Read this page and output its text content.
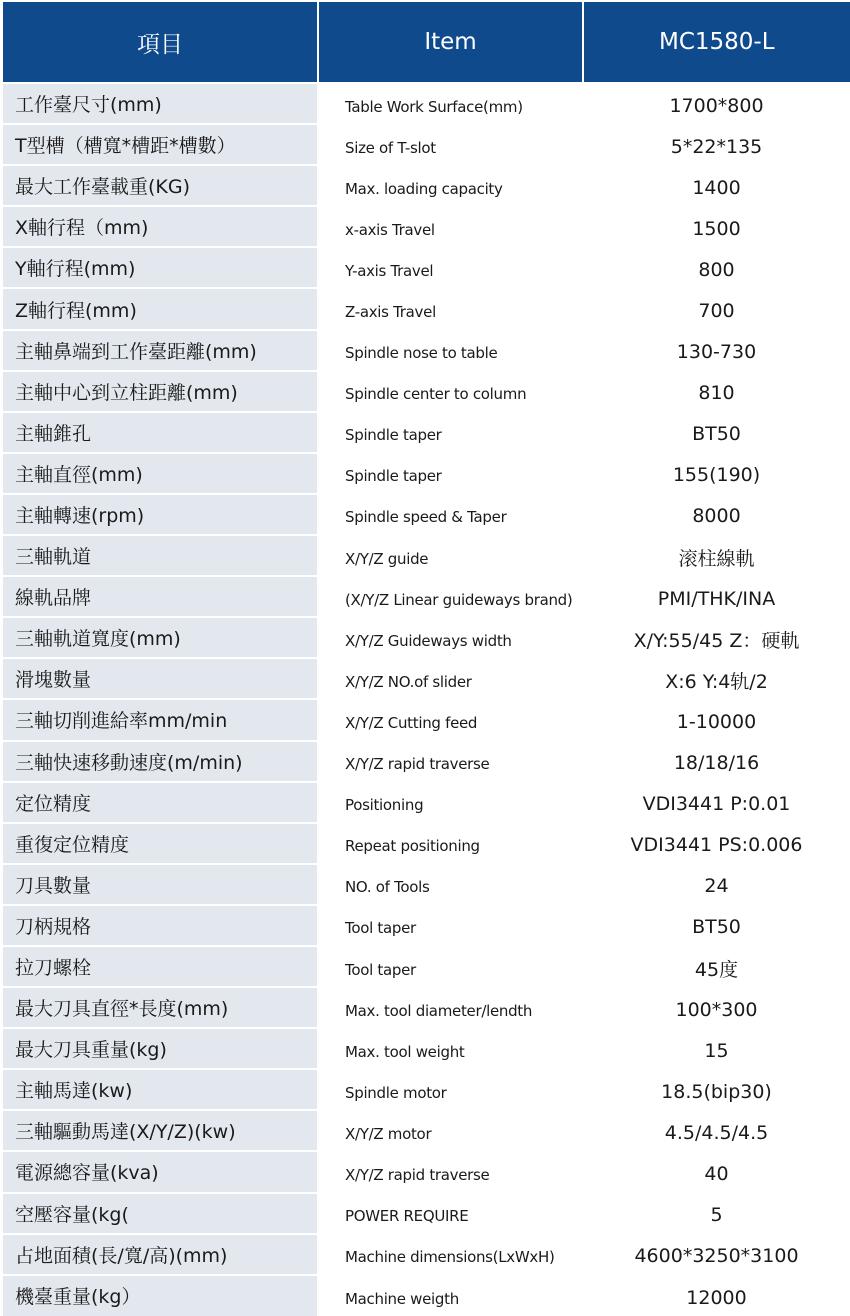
項目	Item	MC1580-L
工作臺尺寸(mm)	Table Work Surface(mm)	1700*800
T型槽（槽寬*槽距*槽數）	Size of T-slot	5*22*135
最大工作臺載重(KG)	Max. loading capacity	1400
X軸行程（mm)	x-axis Travel	1500
Y軸行程(mm)	Y-axis Travel	800
Z軸行程(mm)	Z-axis Travel	700
主軸鼻端到工作臺距離(mm)	Spindle nose to table	130-730
主軸中心到立柱距離(mm)	Spindle center to column	810
主軸錐孔	Spindle taper	BT50
主軸直徑(mm)	Spindle taper	155(190)
主軸轉速(rpm)	Spindle speed & Taper	8000
三軸軌道	X/Y/Z guide	滚柱線軌
線軌品牌	(X/Y/Z Linear guideways brand)	PMI/THK/INA
三軸軌道寬度(mm)	X/Y/Z Guideways width	X/Y:55/45 Z：硬軌
滑塊數量	X/Y/Z NO.of slider	X:6 Y:4轨/2
三軸切削進給率mm/min	X/Y/Z Cutting feed	1-10000
三軸快速移動速度(m/min)	X/Y/Z rapid traverse	18/18/16
定位精度	Positioning	VDI3441 P:0.01
重復定位精度	Repeat positioning	VDI3441 PS:0.006
刀具數量	NO. of Tools	24
刀柄規格	Tool taper	BT50
拉刀螺栓	Tool taper	45度
最大刀具直徑*長度(mm)	Max. tool diameter/lendth	100*300
最大刀具重量(kg)	Max. tool weight	15
主軸馬達(kw)	Spindle motor	18.5(bip30)
三軸驅動馬達(X/Y/Z)(kw)	X/Y/Z motor	4.5/4.5/4.5
電源總容量(kva)	X/Y/Z rapid traverse	40
空壓容量(kg(	POWER REQUIRE	5
占地面積(長/寬/高)(mm)	Machine dimensions(LxWxH)	4600*3250*3100
機臺重量(kg）	Machine weigth	12000
